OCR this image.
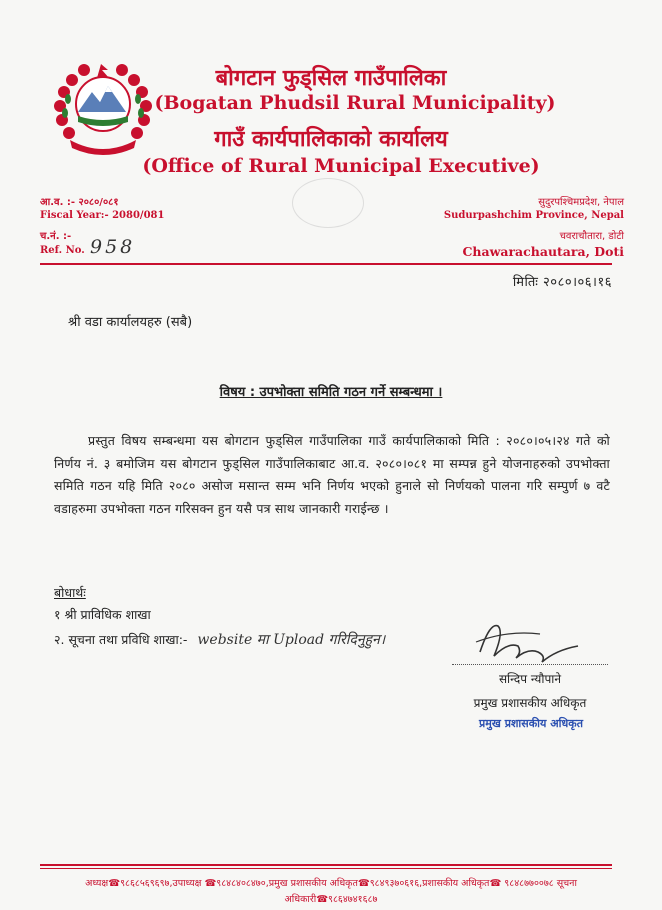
बोगटान फुड्सिल गाउँपालिका
(Bogatan Phudsil Rural Municipality)
गाउँ कार्यपालिकाको कार्यालय
(Office of Rural Municipal Executive)
आ.व. :- २०८०/०८१
Fiscal Year:- 2080/081
च.नं. :-
Ref. No. 958
सुदुरपश्चिमप्रदेश, नेपाल
Sudurpashchim Province, Nepal
चवराचौतारा, डोटी
Chawarachautara, Doti
मितिः २०८०।०६।१६
श्री वडा कार्यालयहरु (सबै)
विषय : उपभोक्ता समिति गठन गर्ने सम्बन्धमा ।
प्रस्तुत विषय सम्बन्धमा यस बोगटान फुड्सिल गाउँपालिका गाउँ कार्यपालिकाको मिति : २०८०।०५।२४ गते को निर्णय नं. ३ बमोजिम यस बोगटान फुड्सिल गाउँपालिकाबाट आ.व. २०८०।०८१ मा सम्पन्न हुने योजनाहरुको उपभोक्ता समिति गठन यहि मिति २०८० असोज मसान्त सम्म भनि निर्णय भएको हुनाले सो निर्णयको पालना गरि सम्पुर्ण ७ वटै वडाहरुमा उपभोक्ता गठन गरिसक्न हुन यसै पत्र साथ जानकारी गराईन्छ ।
बोधार्थः
१ श्री प्राविधिक शाखा
२. सूचना तथा प्रविधि शाखा:- website मा Upload गरिदिनुहुन।
सन्दिप न्यौपाने
प्रमुख प्रशासकीय अधिकृत
प्रमुख प्रशासकीय अधिकृत
अध्यक्ष☎९८६८५६९६९७,उपाध्यक्ष ☎९८४८४०८४७०,प्रमुख प्रशासकीय अधिकृत☎९८४९३७०६१६,प्रशासकीय अधिकृत☎ ९८४८७७००७८ सूचना
अधिकारी☎९८६४७४१६८७
